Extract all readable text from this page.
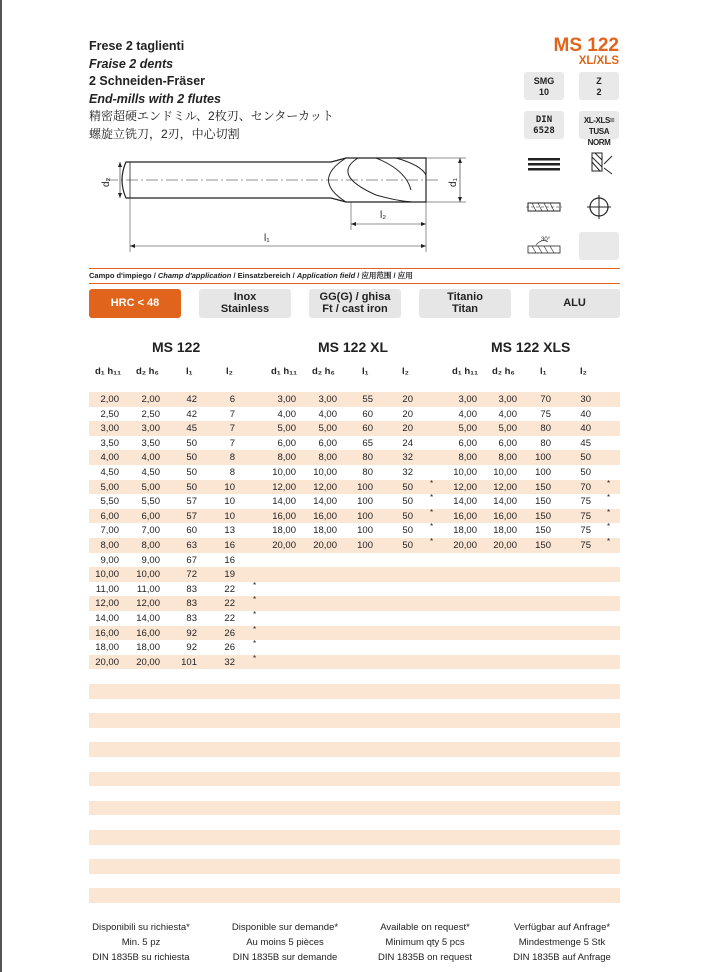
Frese 2 taglienti
Fraise 2 dents
2 Schneiden-Fräser
End-mills with 2 flutes
精密超硬エンドミル、2枚刃、センターカット
螺旋立铣刀，2刃，中心切割
MS 122
XL/XLS
SMG
10
Z
2
DIN
6528
XL-XLS=
TUSA NORM
30°
d₂	d₁
l₂
l₁
Campo d'impiego / Champ d'application / Einsatzbereich / Application field / 应用范围 / 应用
HRC < 48	Inox
Stainless
GG(G) / ghisa
Ft / cast iron
Titanio
Titan	ALU
MS 122	MS 122 XL	MS 122 XLS
d₁ h₁₁ d₂ h₆	l₁	l₂	d₁ h₁₁ d₂ h₆	l₁	l₂	d₁ h₁₁ d₂ h₆	l₁	l₂
2,00	2,00	42	6
2,50	2,50	42	7
3,00	3,00	45	7
3,50	3,50	50	7
4,00	4,00	50	8
4,50	4,50	50	8
5,00	5,00	50	10
5,50	5,50	57	10
6,00	6,00	57	10
7,00	7,00	60	13
8,00	8,00	63	16
9,00	9,00	67	16
10,00	10,00	72	19
11,00	11,00	83	22 *
12,00	12,00	83	22 *
14,00	14,00	83	22 *
16,00	16,00	92	26 *
18,00	18,00	92	26 *
20,00	20,00	101	32 *
3,00	3,00	55	20
4,00	4,00	60	20
5,00	5,00	60	20
6,00	6,00	65	24
8,00	8,00	80	32
10,00	10,00	80	32
12,00	12,00	100	50 *
14,00	14,00	100	50 *
16,00	16,00	100	50 *
18,00	18,00	100	50 *
20,00	20,00	100	50 *
3,00	3,00	70	30
4,00	4,00	75	40
5,00	5,00	80	40
6,00	6,00	80	45
8,00	8,00	100	50
10,00	10,00	100	50
12,00	12,00	150	70 *
14,00	14,00	150	75 *
16,00	16,00	150	75 *
18,00	18,00	150	75 *
20,00	20,00	150	75 *
Disponibili su richiesta*
Min. 5 pz
DIN 1835B su richiesta
Disponible sur demande*
Au moins 5 pièces
DIN 1835B sur demande
Available on request*
Minimum qty 5 pcs
DIN 1835B on request
Verfügbar auf Anfrage*
Mindestmenge 5 Stk
DIN 1835B auf Anfrage
